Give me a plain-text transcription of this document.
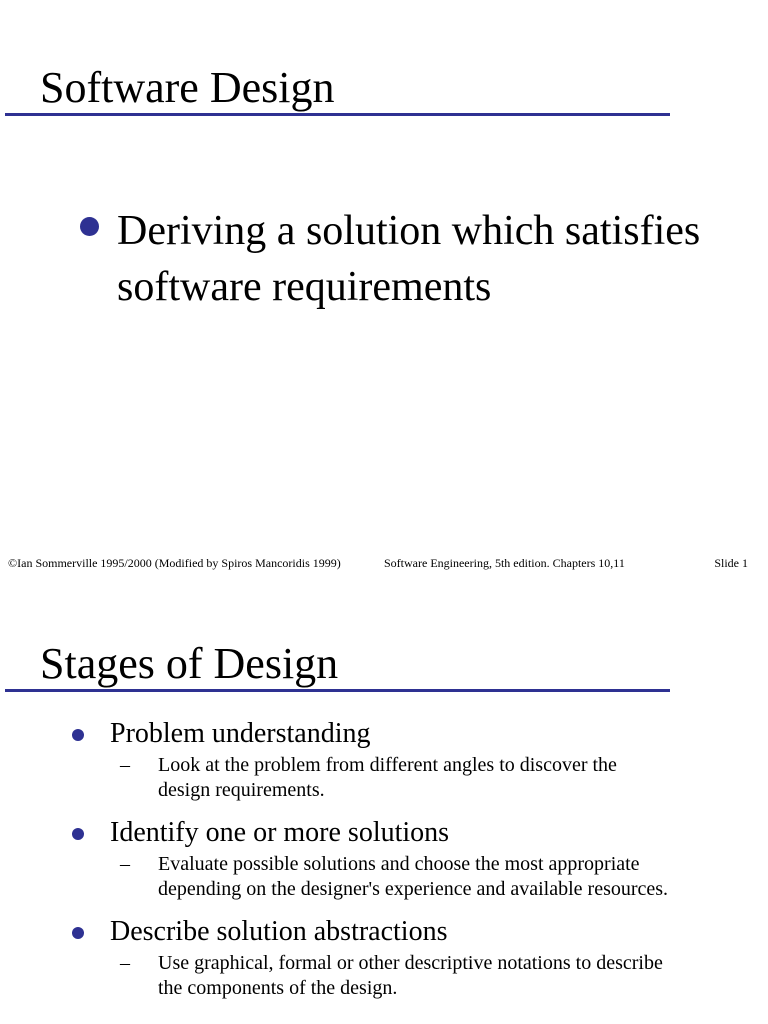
Software Design
Deriving a solution which satisfies software requirements
©Ian Sommerville 1995/2000 (Modified by Spiros Mancoridis 1999)	Software Engineering, 5th edition. Chapters 10,11	Slide 1
Stages of Design
Problem understanding
– Look at the problem from different angles to discover the design requirements.
Identify one or more solutions
– Evaluate possible solutions and choose the most appropriate depending on the designer's experience and available resources.
Describe solution abstractions
– Use graphical, formal or other descriptive notations to describe the components of the design.
